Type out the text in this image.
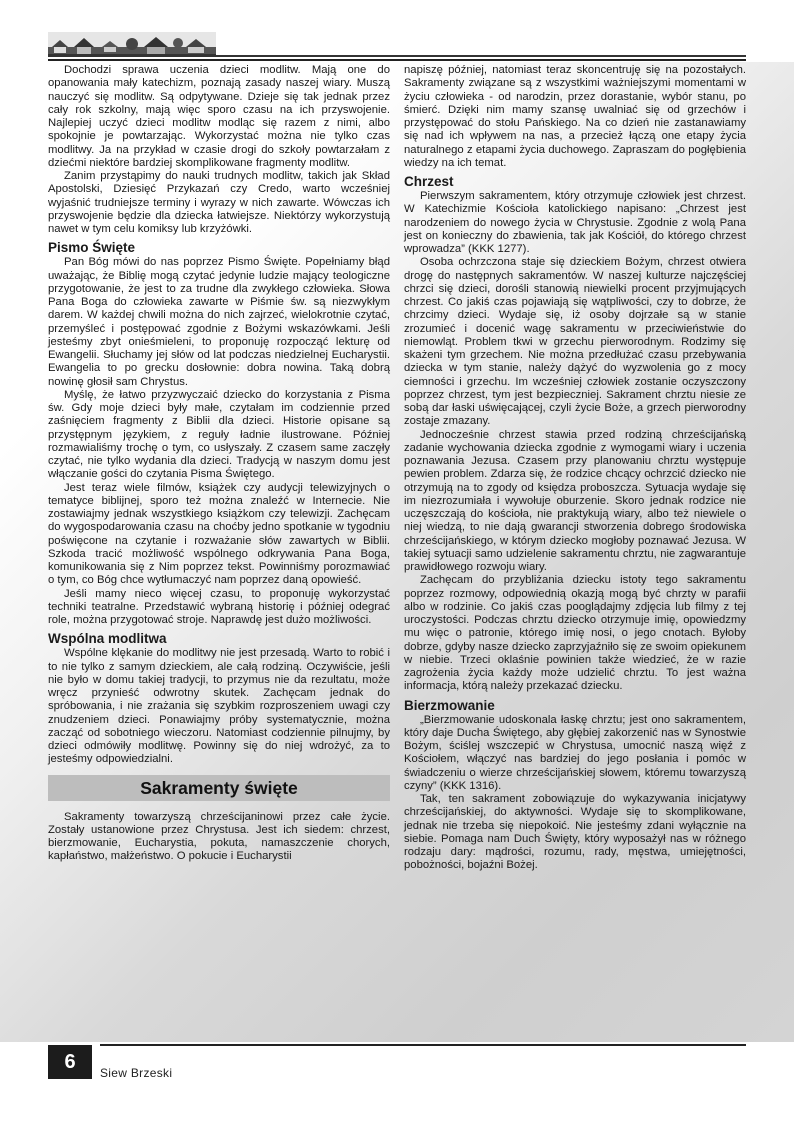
Dochodzi sprawa uczenia dzieci modlitw. Mają one do opanowania mały katechizm, poznają zasady naszej wiary. Muszą nauczyć się modlitw. Są odpytywane. Dzieje się tak jednak przez cały rok szkolny, mają więc sporo czasu na ich przyswojenie. Najlepiej uczyć dzieci modlitw modląc się razem z nimi, albo spokojnie je powtarzając. Wykorzystać można nie tylko czas modlitwy. Ja na przykład w czasie drogi do szkoły powtarzałam z dziećmi niektóre bardziej skomplikowane fragmenty modlitw.

Zanim przystąpimy do nauki trudnych modlitw, takich jak Skład Apostolski, Dziesięć Przykazań czy Credo, warto wcześniej wyjaśnić trudniejsze terminy i wyrazy w nich zawarte. Wówczas ich przyswojenie będzie dla dziecka łatwiejsze. Niektórzy wykorzystują nawet w tym celu komiksy lub krzyżówki.

Pismo Święte

Pan Bóg mówi do nas poprzez Pismo Święte. Popełniamy błąd uważając, że Biblię mogą czytać jedynie ludzie mający teologiczne przygotowanie, że jest to za trudne dla zwykłego człowieka. Słowa Pana Boga do człowieka zawarte w Piśmie św. są niezwykłym darem. W każdej chwili można do nich zajrzeć, wielokrotnie czytać, przemyśleć i postępować zgodnie z Bożymi wskazówkami. Jeśli jesteśmy zbyt onieśmieleni, to proponuję rozpocząć lekturę od Ewangelii. Słuchamy jej słów od lat podczas niedzielnej Eucharystii. Ewangelia to po grecku dosłownie: dobra nowina. Taką dobrą nowinę głosił sam Chrystus.

Myślę, że łatwo przyzwyczaić dziecko do korzystania z Pisma św. Gdy moje dzieci były małe, czytałam im codziennie przed zaśnięciem fragmenty z Biblii dla dzieci. Historie opisane są przystępnym językiem, z reguły ładnie ilustrowane. Później rozmawialiśmy trochę o tym, co usłyszały. Z czasem same zaczęły czytać, nie tylko wydania dla dzieci. Tradycją w naszym domu jest włączanie gości do czytania Pisma Świętego.

Jest teraz wiele filmów, książek czy audycji telewizyjnych o tematyce biblijnej, sporo też można znaleźć w Internecie. Nie zostawiajmy jednak wszystkiego książkom czy telewizji. Zachęcam do wygospodarowania czasu na choćby jedno spotkanie w tygodniu poświęcone na czytanie i rozważanie słów zawartych w Biblii. Szkoda tracić możliwość wspólnego odkrywania Pana Boga, komunikowania się z Nim poprzez tekst. Powinniśmy porozmawiać o tym, co Bóg chce wytłumaczyć nam poprzez daną opowieść.

Jeśli mamy nieco więcej czasu, to proponuję wykorzystać techniki teatralne. Przedstawić wybraną historię i później odegrać role, można przygotować stroje. Naprawdę jest dużo możliwości.

Wspólna modlitwa

Wspólne klękanie do modlitwy nie jest przesadą. Warto to robić i to nie tylko z samym dzieckiem, ale całą rodziną. Oczywiście, jeśli nie było w domu takiej tradycji, to przymus nie da rezultatu, może wręcz przynieść odwrotny skutek. Zachęcam jednak do spróbowania, i nie zrażania się szybkim rozproszeniem uwagi czy znudzeniem dzieci. Ponawiajmy próby systematycznie, można zacząć od sobotniego wieczoru. Natomiast codziennie pilnujmy, by dzieci odmówiły modlitwę. Powinny się do niej wdrożyć, za to jesteśmy odpowiedzialni.

Sakramenty święte

Sakramenty towarzyszą chrześcijaninowi przez całe życie. Zostały ustanowione przez Chrystusa. Jest ich siedem: chrzest, bierzmowanie, Eucharystia, pokuta, namaszczenie chorych, kapłaństwo, małżeństwo. O pokucie i Eucharystii

napiszę później, natomiast teraz skoncentruję się na pozostałych. Sakramenty związane są z wszystkimi ważniejszymi momentami w życiu człowieka - od narodzin, przez dorastanie, wybór stanu, po śmierć. Dzięki nim mamy szansę uwalniać się od grzechów i przystępować do stołu Pańskiego. Na co dzień nie zastanawiamy się nad ich wpływem na nas, a przecież łączą one etapy życia naturalnego z etapami życia duchowego. Zapraszam do pogłębienia wiedzy na ich temat.

Chrzest

Pierwszym sakramentem, który otrzymuje człowiek jest chrzest. W Katechizmie Kościoła katolickiego napisano: „Chrzest jest narodzeniem do nowego życia w Chrystusie. Zgodnie z wolą Pana jest on konieczny do zbawienia, tak jak Kościół, do którego chrzest wprowadza” (KKK 1277).

Osoba ochrzczona staje się dzieckiem Bożym, chrzest otwiera drogę do następnych sakramentów. W naszej kulturze najczęściej chrzci się dzieci, dorośli stanowią niewielki procent przyjmujących chrzest. Co jakiś czas pojawiają się wątpliwości, czy to dobrze, że chrzcimy dzieci. Wydaje się, iż osoby dojrzałe są w stanie zrozumieć i docenić wagę sakramentu w przeciwieństwie do niemowląt. Problem tkwi w grzechu pierworodnym. Rodzimy się skażeni tym grzechem. Nie można przedłużać czasu przebywania dziecka w tym stanie, należy dążyć do wyzwolenia go z mocy ciemności i grzechu. Im wcześniej człowiek zostanie oczyszczony poprzez chrzest, tym jest bezpieczniej. Sakrament chrztu niesie ze sobą dar łaski uświęcającej, czyli życie Boże, a grzech pierworodny zostaje zmazany.

Jednocześnie chrzest stawia przed rodziną chrześcijańską zadanie wychowania dziecka zgodnie z wymogami wiary i uczenia poznawania Jezusa. Czasem przy planowaniu chrztu występuje pewien problem. Zdarza się, że rodzice chcący ochrzcić dziecko nie otrzymują na to zgody od księdza proboszcza. Sytuacja wydaje się im niezrozumiała i wywołuje oburzenie. Skoro jednak rodzice nie uczęszczają do kościoła, nie praktykują wiary, albo też niewiele o niej wiedzą, to nie dają gwarancji stworzenia dobrego środowiska chrześcijańskiego, w którym dziecko mogłoby poznawać Jezusa. W takiej sytuacji samo udzielenie sakramentu chrztu, nie zagwarantuje prawidłowego rozwoju wiary.

Zachęcam do przybliżania dziecku istoty tego sakramentu poprzez rozmowy, odpowiednią okazją mogą być chrzty w parafii albo w rodzinie. Co jakiś czas pooglądajmy zdjęcia lub filmy z tej uroczystości. Podczas chrztu dziecko otrzymuje imię, opowiedzmy mu więc o patronie, którego imię nosi, o jego cnotach. Byłoby dobrze, gdyby nasze dziecko zaprzyjaźniło się ze swoim opiekunem w niebie. Trzeci oklaśnie powinien także wiedzieć, że w razie zagrożenia życia każdy może udzielić chrztu. To jest ważna informacja, którą należy przekazać dziecku.

Bierzmowanie

„Bierzmowanie udoskonala łaskę chrztu; jest ono sakramentem, który daje Ducha Świętego, aby głębiej zakorzenić nas w Synostwie Bożym, ściślej wszczepić w Chrystusa, umocnić naszą więź z Kościołem, włączyć nas bardziej do jego posłania i pomóc w świadczeniu o wierze chrześcijańskiej słowem, któremu towarzyszą czyny” (KKK 1316).

Tak, ten sakrament zobowiązuje do wykazywania inicjatywy chrześcijańskiej, do aktywności. Wydaje się to skomplikowane, jednak nie trzeba się niepokoić. Nie jesteśmy zdani wyłącznie na siebie. Pomaga nam Duch Święty, który wyposażył nas w różnego rodzaju dary: mądrości, rozumu, rady, męstwa, umiejętności, pobożności, bojaźni Bożej.

6	Siew Brzeski
